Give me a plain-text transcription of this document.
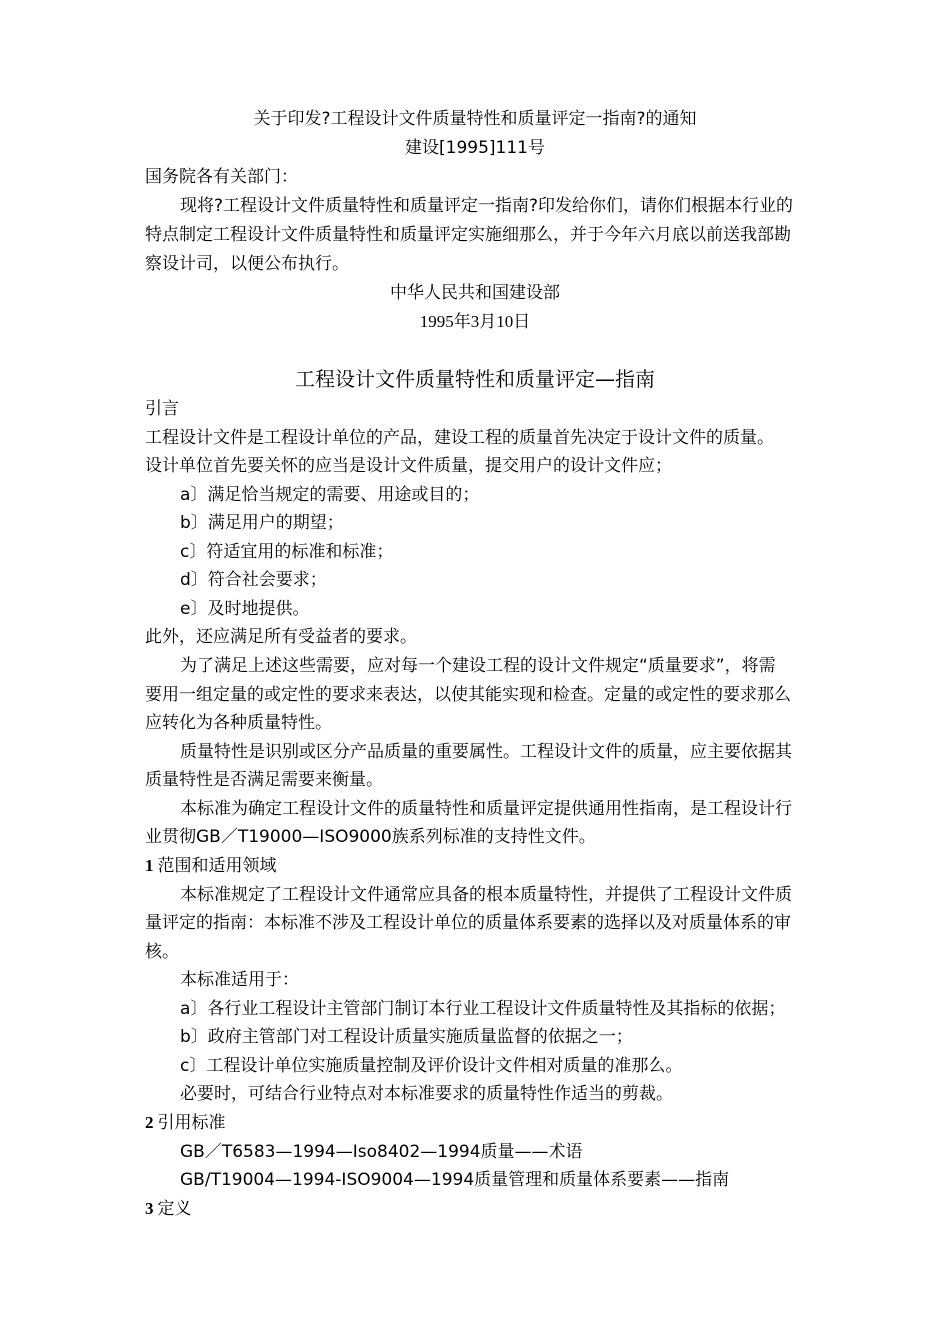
关于印发?工程设计文件质量特性和质量评定一指南?的通知
建设[1995]111号
国务院各有关部门：
现将?工程设计文件质量特性和质量评定一指南?印发给你们，请你们根据本行业的
特点制定工程设计文件质量特性和质量评定实施细那么，并于今年六月底以前送我部勘
察设计司，以便公布执行。
中华人民共和国建设部
1995年3月10日
工程设计文件质量特性和质量评定—指南
引言
工程设计文件是工程设计单位的产品，建设工程的质量首先决定于设计文件的质量。
设计单位首先要关怀的应当是设计文件质量，提交用户的设计文件应；
a〕满足恰当规定的需要、用途或目的；
b〕满足用户的期望；
c〕符适宜用的标准和标准；
d〕符合社会要求；
e〕及时地提供。
此外，还应满足所有受益者的要求。
为了满足上述这些需要，应对每一个建设工程的设计文件规定“质量要求”，将需
要用一组定量的或定性的要求来表达，以使其能实现和检查。定量的或定性的要求那么
应转化为各种质量特性。
质量特性是识别或区分产品质量的重要属性。工程设计文件的质量，应主要依据其
质量特性是否满足需要来衡量。
本标准为确定工程设计文件的质量特性和质量评定提供通用性指南，是工程设计行
业贯彻GB／T19000—ISO9000族系列标准的支持性文件。
1 范围和适用领域
本标准规定了工程设计文件通常应具备的根本质量特性，并提供了工程设计文件质
量评定的指南：本标准不涉及工程设计单位的质量体系要素的选择以及对质量体系的审
核。
本标准适用于：
a〕各行业工程设计主管部门制订本行业工程设计文件质量特性及其指标的依据；
b〕政府主管部门对工程设计质量实施质量监督的依据之一；
c〕工程设计单位实施质量控制及评价设计文件相对质量的准那么。
必要时，可结合行业特点对本标准要求的质量特性作适当的剪裁。
2 引用标准
GB／T6583—1994—Iso8402—1994质量——术语
GB/T19004—1994-ISO9004—1994质量管理和质量体系要素——指南
3 定义
